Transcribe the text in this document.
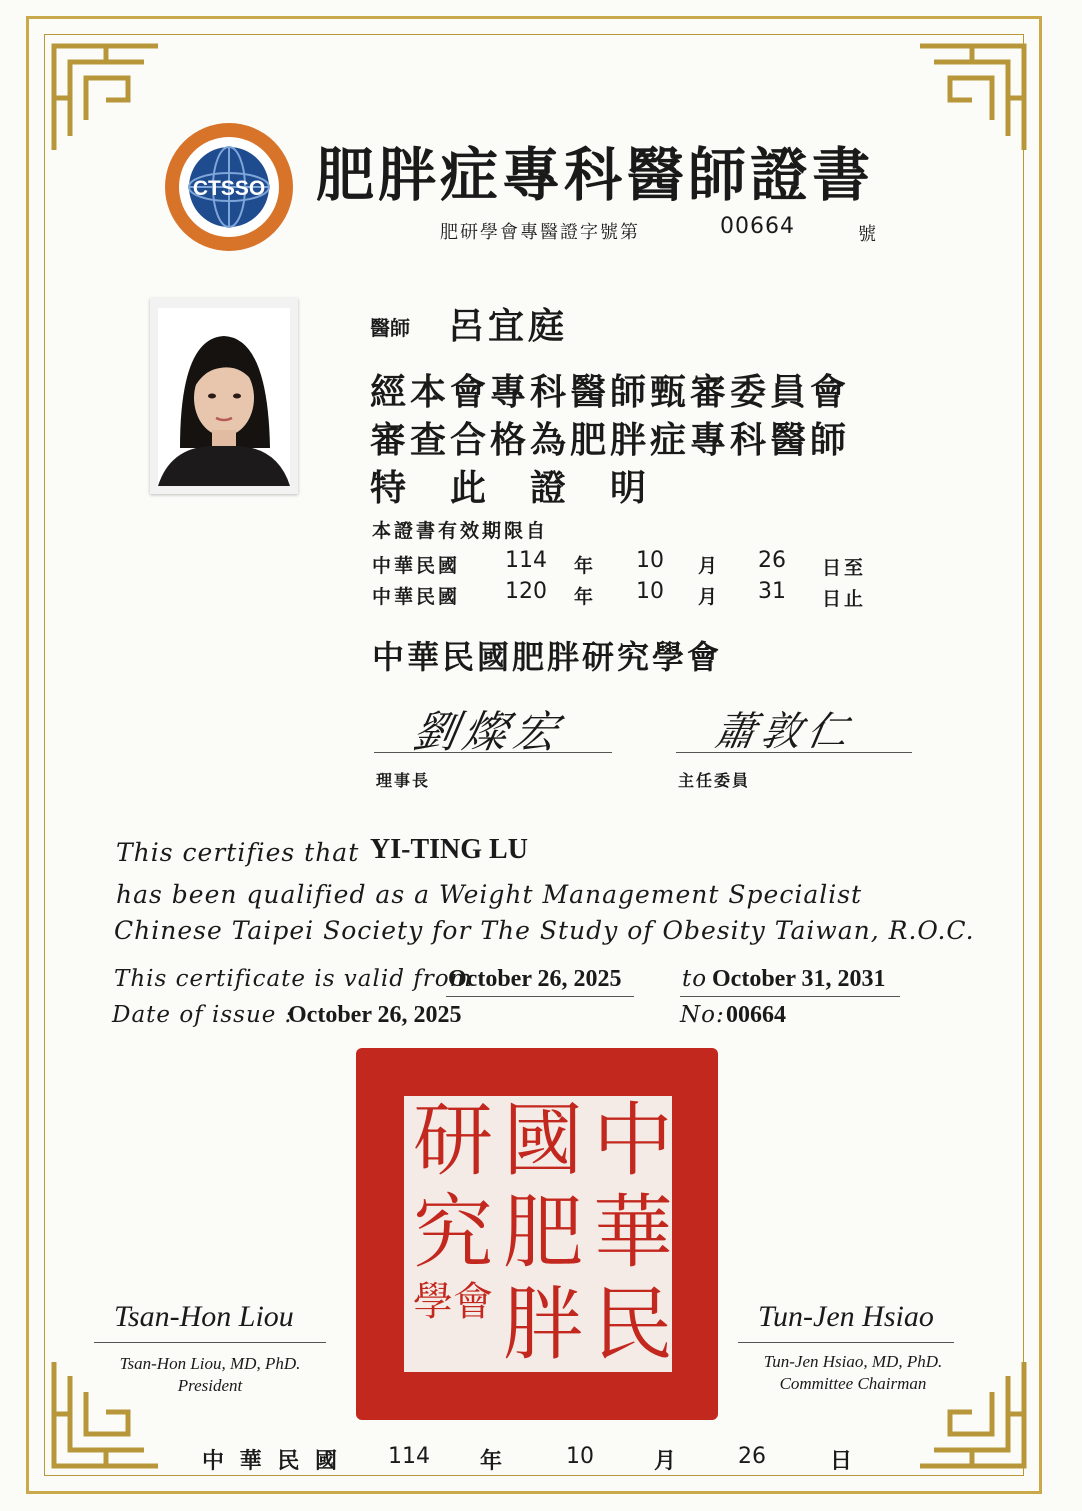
CTSSO 肥胖症專科醫師證書
肥研學會專醫證字號第	00664	號
醫師 呂宜庭
經本會專科醫師甄審委員會
審查合格為肥胖症專科醫師
特　此　證　明
本證書有效期限自
中華民國 114 年 10 月 26 日至
中華民國 120 年 10 月 31 日止
中華民國肥胖研究學會
劉燦宏
理事長
蕭敦仁
主任委員
This certifies that YI-TING LU
has been qualified as a Weight Management Specialist
Chinese Taipei Society for The Study of Obesity Taiwan, R.O.C.
This certificate is valid from
October 26, 2025	to October 31, 2031
Date of issue :
October 26, 2025	No: 00664
中
國
研
華
肥
究
民
胖
學會
Tsan-Hon Liou
Tsan-Hon Liou, MD, PhD.
President
Tun-Jen Hsiao
Tun-Jen Hsiao, MD, PhD.
Committee Chairman
中 華 民 國 114 年	10	月	26	日
